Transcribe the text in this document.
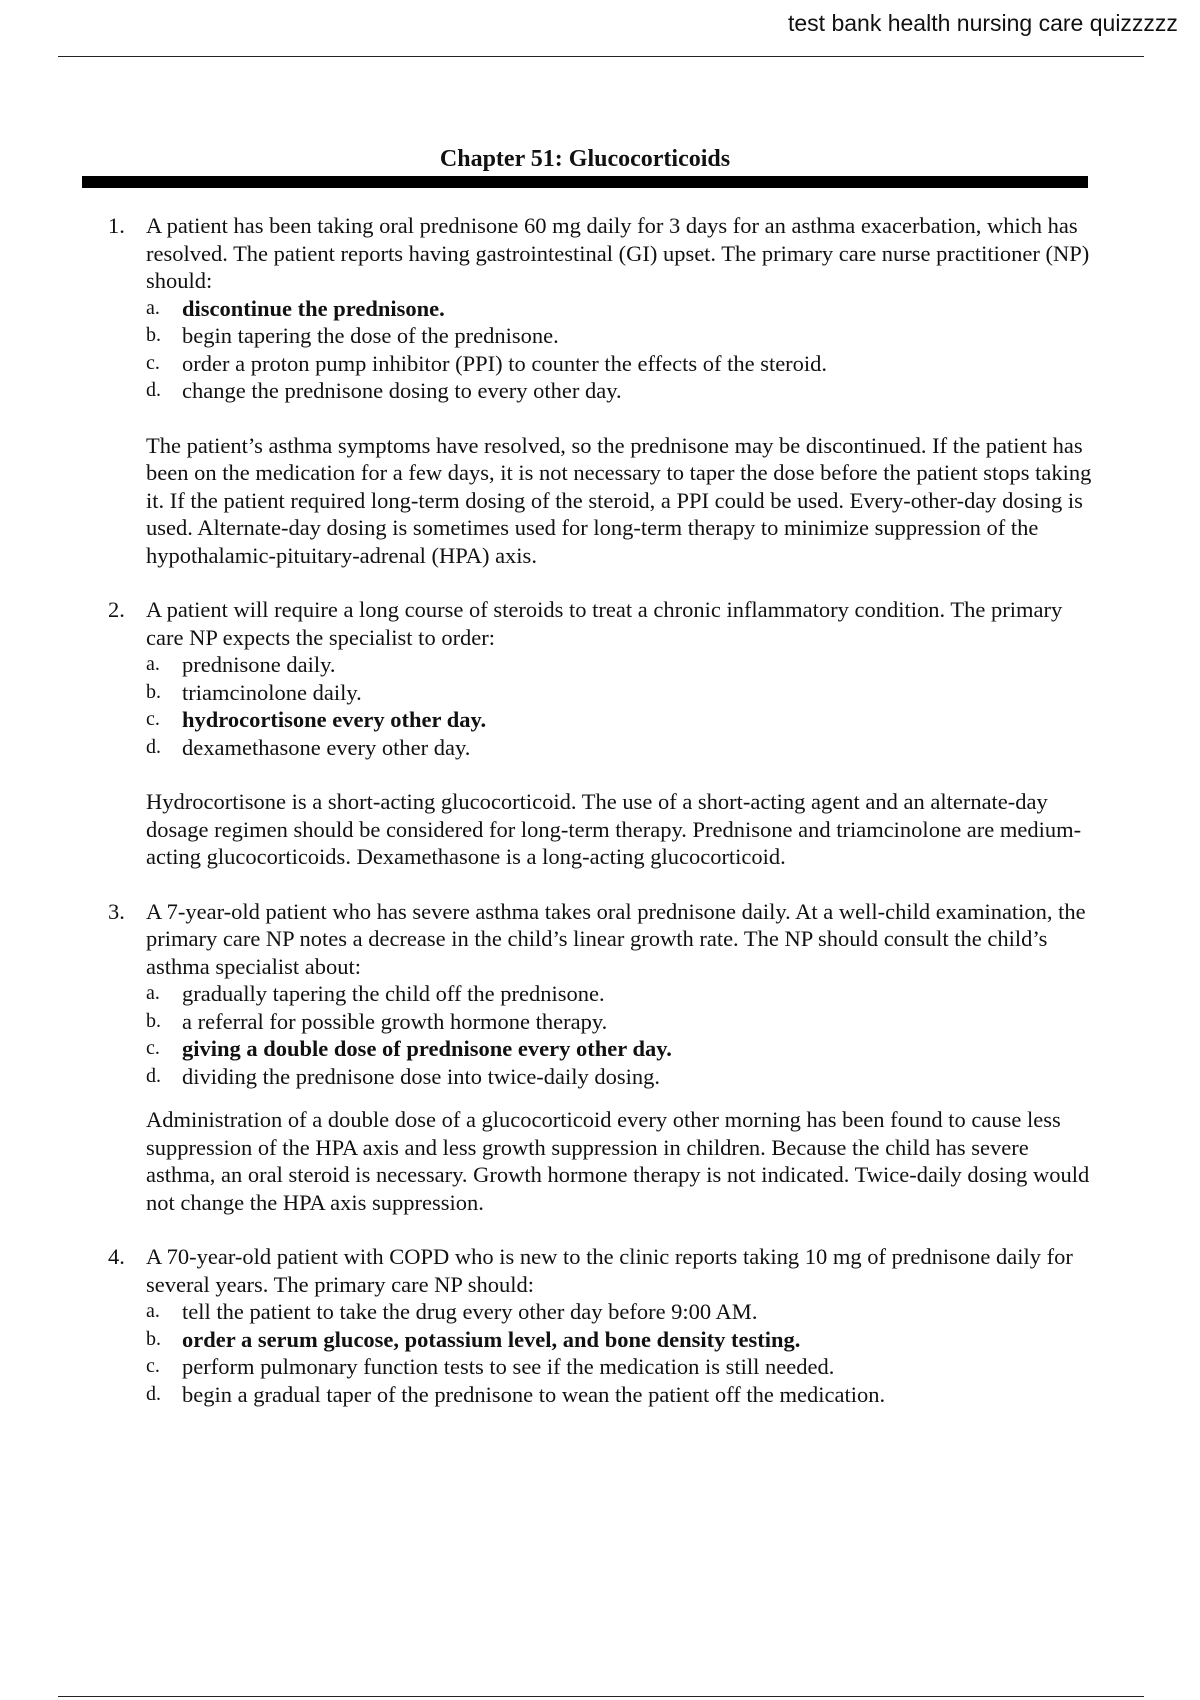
test bank health nursing care quizzzzz
Chapter 51: Glucocorticoids
1. A patient has been taking oral prednisone 60 mg daily for 3 days for an asthma exacerbation, which has resolved. The patient reports having gastrointestinal (GI) upset. The primary care nurse practitioner (NP) should:
a. discontinue the prednisone.
b. begin tapering the dose of the prednisone.
c. order a proton pump inhibitor (PPI) to counter the effects of the steroid.
d. change the prednisone dosing to every other day.

The patient’s asthma symptoms have resolved, so the prednisone may be discontinued. If the patient has been on the medication for a few days, it is not necessary to taper the dose before the patient stops taking it. If the patient required long-term dosing of the steroid, a PPI could be used. Every-other-day dosing is used. Alternate-day dosing is sometimes used for long-term therapy to minimize suppression of the hypothalamic-pituitary-adrenal (HPA) axis.

2. A patient will require a long course of steroids to treat a chronic inflammatory condition. The primary care NP expects the specialist to order:
a. prednisone daily.
b. triamcinolone daily.
c. hydrocortisone every other day.
d. dexamethasone every other day.

Hydrocortisone is a short-acting glucocorticoid. The use of a short-acting agent and an alternate-day dosage regimen should be considered for long-term therapy. Prednisone and triamcinolone are medium-acting glucocorticoids. Dexamethasone is a long-acting glucocorticoid.

3. A 7-year-old patient who has severe asthma takes oral prednisone daily. At a well-child examination, the primary care NP notes a decrease in the child’s linear growth rate. The NP should consult the child’s asthma specialist about:
a. gradually tapering the child off the prednisone.
b. a referral for possible growth hormone therapy.
c. giving a double dose of prednisone every other day.
d. dividing the prednisone dose into twice-daily dosing.

Administration of a double dose of a glucocorticoid every other morning has been found to cause less suppression of the HPA axis and less growth suppression in children. Because the child has severe asthma, an oral steroid is necessary. Growth hormone therapy is not indicated. Twice-daily dosing would not change the HPA axis suppression.

4. A 70-year-old patient with COPD who is new to the clinic reports taking 10 mg of prednisone daily for several years. The primary care NP should:
a. tell the patient to take the drug every other day before 9:00 AM.
b. order a serum glucose, potassium level, and bone density testing.
c. perform pulmonary function tests to see if the medication is still needed.
d. begin a gradual taper of the prednisone to wean the patient off the medication.
